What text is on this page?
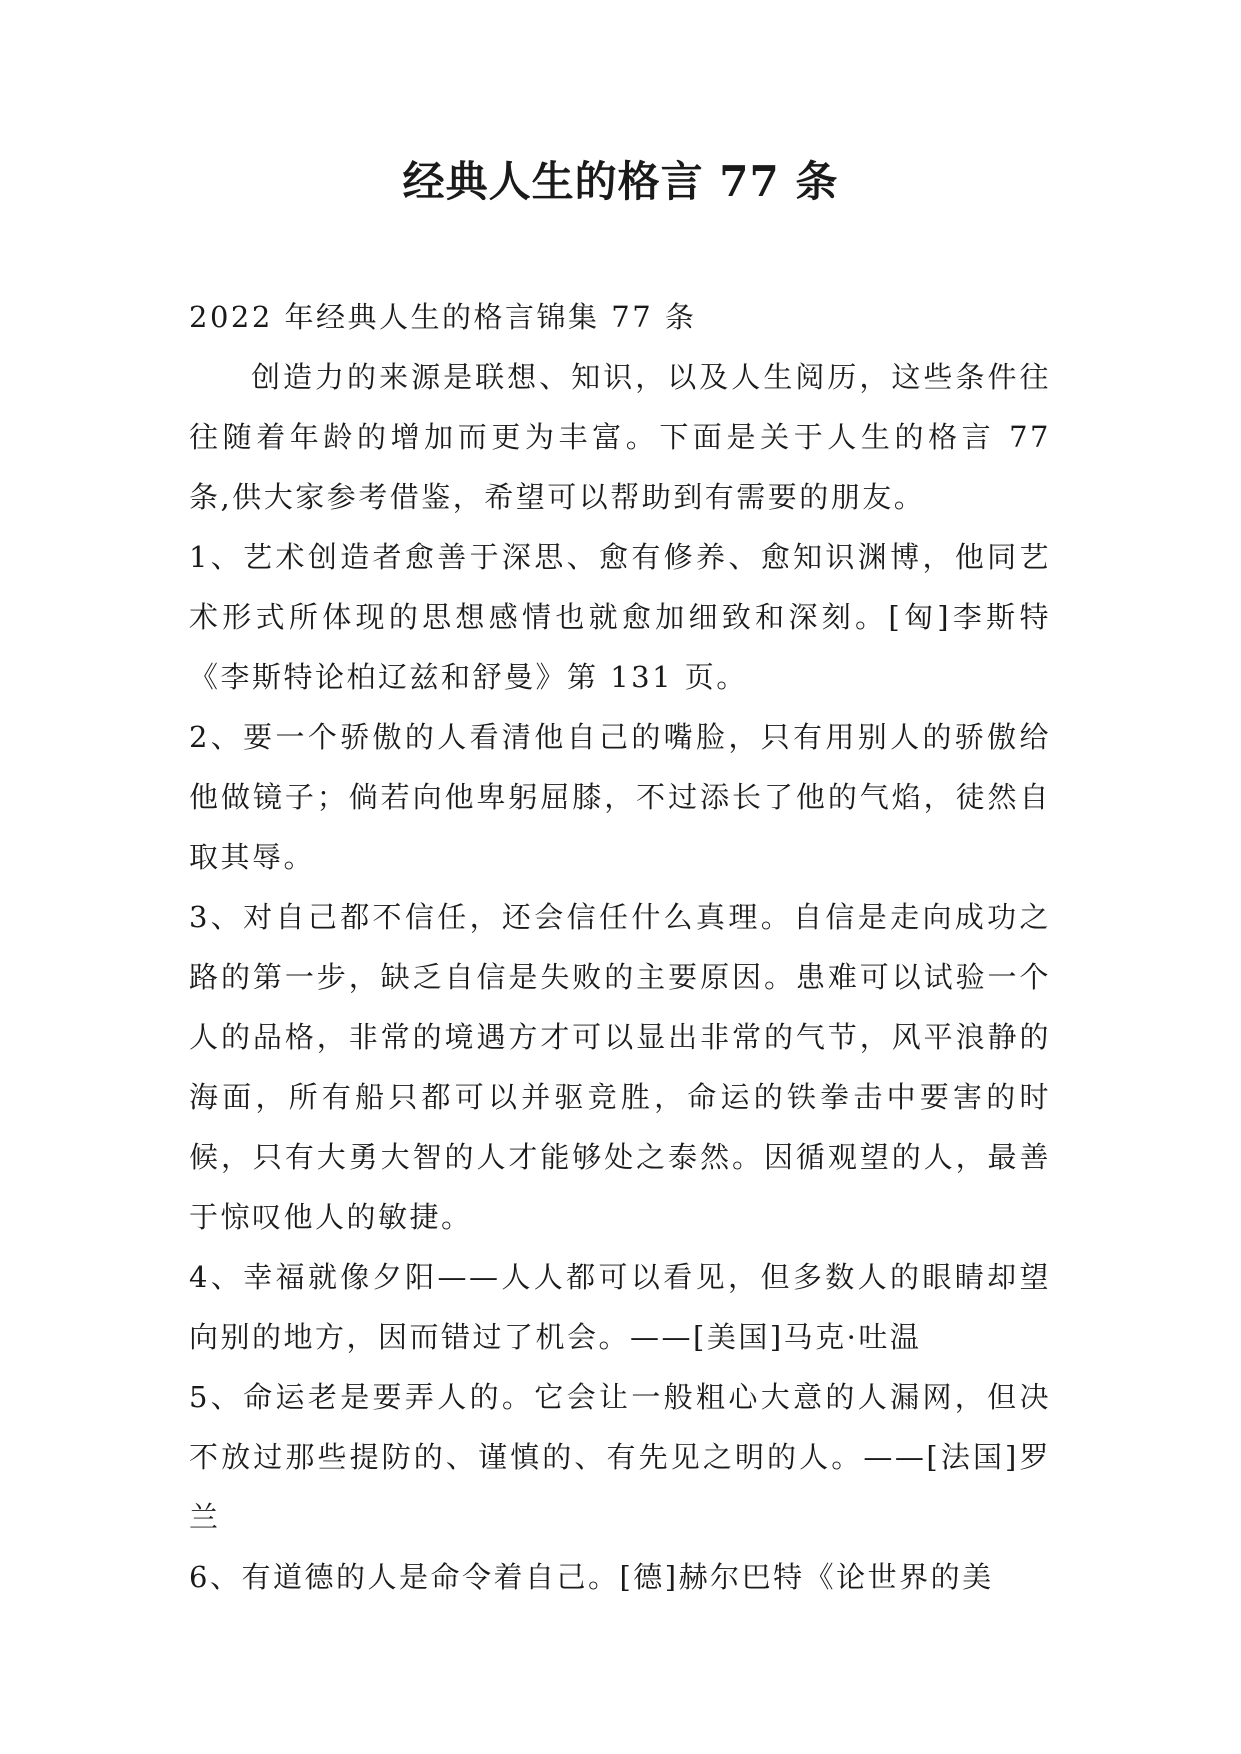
经典人生的格言 77 条

2022 年经典人生的格言锦集 77 条

创造力的来源是联想、知识，以及人生阅历，这些条件往往随着年龄的增加而更为丰富。下面是关于人生的格言 77 条,供大家参考借鉴，希望可以帮助到有需要的朋友。

1、艺术创造者愈善于深思、愈有修养、愈知识渊博，他同艺术形式所体现的思想感情也就愈加细致和深刻。[匈]李斯特《李斯特论柏辽兹和舒曼》第 131 页。

2、要一个骄傲的人看清他自己的嘴脸，只有用别人的骄傲给他做镜子；倘若向他卑躬屈膝，不过添长了他的气焰，徒然自取其辱。

3、对自己都不信任，还会信任什么真理。自信是走向成功之路的第一步，缺乏自信是失败的主要原因。患难可以试验一个人的品格，非常的境遇方才可以显出非常的气节，风平浪静的海面，所有船只都可以并驱竞胜，命运的铁拳击中要害的时候，只有大勇大智的人才能够处之泰然。因循观望的人，最善于惊叹他人的敏捷。

4、幸福就像夕阳——人人都可以看见，但多数人的眼睛却望向别的地方，因而错过了机会。——[美国]马克·吐温

5、命运老是要弄人的。它会让一般粗心大意的人漏网，但决不放过那些提防的、谨慎的、有先见之明的人。——[法国]罗兰

6、有道德的人是命令着自己。[德]赫尔巴特《论世界的美
